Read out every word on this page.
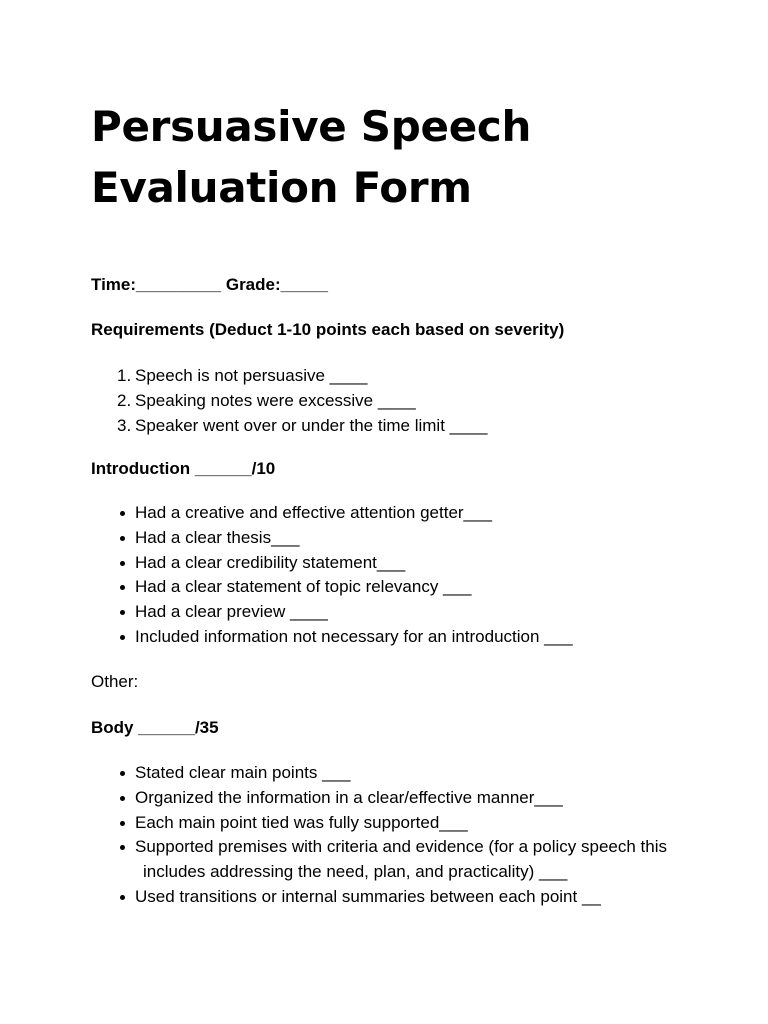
Persuasive Speech Evaluation Form

Time:_________ Grade:_____

Requirements (Deduct 1-10 points each based on severity)

1. Speech is not persuasive ____
2. Speaking notes were excessive ____
3. Speaker went over or under the time limit ____

Introduction ______/10

Had a creative and effective attention getter___
Had a clear thesis___
Had a clear credibility statement___
Had a clear statement of topic relevancy ___
Had a clear preview ____
Included information not necessary for an introduction ___

Other:

Body ______/35

Stated clear main points ___
Organized the information in a clear/effective manner___
Each main point tied was fully supported___
Supported premises with criteria and evidence (for a policy speech this
includes addressing the need, plan, and practicality) ___
Used transitions or internal summaries between each point __
